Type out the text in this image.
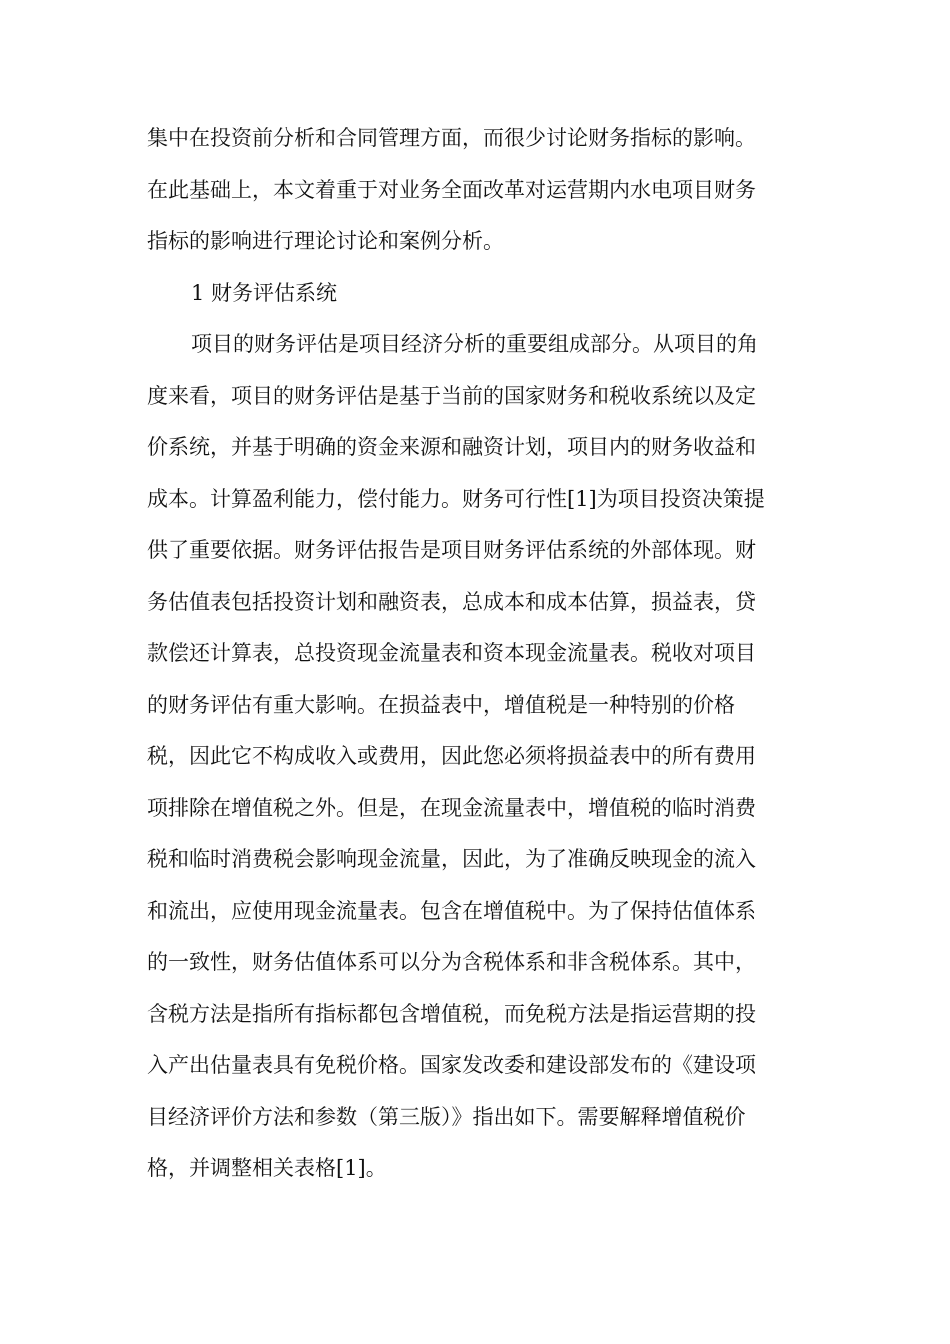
集中在投资前分析和合同管理方面，而很少讨论财务指标的影响。
在此基础上，本文着重于对业务全面改革对运营期内水电项目财务
指标的影响进行理论讨论和案例分析。
1 财务评估系统
项目的财务评估是项目经济分析的重要组成部分。从项目的角
度来看，项目的财务评估是基于当前的国家财务和税收系统以及定
价系统，并基于明确的资金来源和融资计划，项目内的财务收益和
成本。计算盈利能力，偿付能力。财务可行性[1]为项目投资决策提
供了重要依据。财务评估报告是项目财务评估系统的外部体现。财
务估值表包括投资计划和融资表，总成本和成本估算，损益表，贷
款偿还计算表，总投资现金流量表和资本现金流量表。税收对项目
的财务评估有重大影响。在损益表中，增值税是一种特别的价格
税，因此它不构成收入或费用，因此您必须将损益表中的所有费用
项排除在增值税之外。但是，在现金流量表中，增值税的临时消费
税和临时消费税会影响现金流量，因此，为了准确反映现金的流入
和流出，应使用现金流量表。包含在增值税中。为了保持估值体系
的一致性，财务估值体系可以分为含税体系和非含税体系。其中，
含税方法是指所有指标都包含增值税，而免税方法是指运营期的投
入产出估量表具有免税价格。国家发改委和建设部发布的《建设项
目经济评价方法和参数（第三版）》指出如下。需要解释增值税价
格，并调整相关表格[1]。
